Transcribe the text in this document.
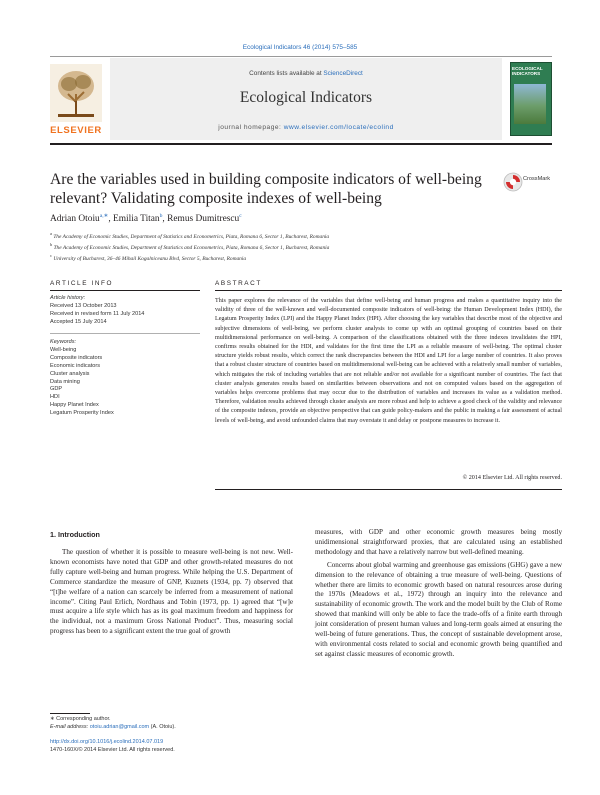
Ecological Indicators 46 (2014) 575–585
ELSEVIER
Contents lists available at ScienceDirect
Ecological Indicators
journal homepage: www.elsevier.com/locate/ecolind
ECOLOGICAL INDICATORS
Are the variables used in building composite indicators of well-being relevant? Validating composite indexes of well-being
CrossMark
Adrian Otoiu$^{a,∗}$, Emilia Titan$^b$, Remus Dumitrescu$^c$
$^a$ The Academy of Economic Studies, Department of Statistics and Econometrics, Piata, Romana 6, Sector 1, Bucharest, Romania
$^b$ The Academy of Economic Studies, Department of Statistics and Econometrics, Piata, Romana 6, Sector 1, Bucharest, Romania
$^c$ University of Bucharest, 36–46 Mihail Kogalniceanu Blvd, Sector 5, Bucharest, Romania
ARTICLE INFO	ABSTRACT
Article history:
Received 13 October 2013
Received in revised form 11 July 2014
Accepted 15 July 2014
Keywords:
Well-being
Composite indicators
Economic indicators
Cluster analysis
Data mining
GDP
HDI
Happy Planet Index
Legatum Prosperity Index
This paper explores the relevance of the variables that define well-being and human progress and makes a quantitative inquiry into the validity of three of the well-known and well-documented composite indicators of well-being: the Human Development Index (HDI), the Legatum Prosperity Index (LPI) and the Happy Planet Index (HPI). After choosing the key variables that describe most of the objective and subjective dimensions of well-being, we perform cluster analysis to come up with an optimal grouping of countries based on their multidimensional performance on well-being. A comparison of the classifications obtained with the three indexes invalidates the HPI, confirms results obtained for the HDI, and validates for the first time the LPI as a reliable measure of well-being. The optimal cluster structure yields robust results, which correct the rank discrepancies between the HDI and LPI for a large number of countries. It also proves that a robust cluster structure of countries based on multidimensional well-being can be achieved with a relatively small number of variables, which mitigates the risk of including variables that are not reliable and/or not available for a significant number of countries. The fact that cluster analysis generates results based on similarities between observations and not on computed values based on the aggregation of variables helps overcome problems that may occur due to the distribution of variables and increases its value as a validation method. Therefore, validation results achieved through cluster analysis are more robust and help to achieve a good check of the validity and relevance of the composite indexes, provide an objective perspective that can guide policy-makers and the public in making a fair assessment of actual levels of well-being, and avoid unfounded claims that may overstate it and delay or postpone measures to increase it.
© 2014 Elsevier Ltd. All rights reserved.
1. Introduction

The question of whether it is possible to measure well-being is not new. Well-known economists have noted that GDP and other growth-related measures do not fully capture well-being and human progress. While helping the U.S. Department of Commerce standardize the measure of GNP, Kuznets (1934, pp. 7) observed that “[t]he welfare of a nation can scarcely be inferred from a measurement of national income”. Citing Paul Erlich, Nordhaus and Tobin (1973, pp. 1) agreed that “[w]e must acquire a life style which has as its goal maximum freedom and happiness for the individual, not a maximum Gross National Product”. Thus, measuring social progress has been to a significant extent the true goal of growth

measures, with GDP and other economic growth measures being mostly unidimensional straightforward proxies, that are calculated using an established methodology and that have a relatively narrow but well-defined meaning.

Concerns about global warming and greenhouse gas emissions (GHG) gave a new dimension to the relevance of obtaining a true measure of well-being. Questions of whether there are limits to economic growth based on natural resources arose during the 1970s (Meadows et al., 1972) through an inquiry into the relevance and sustainability of economic growth. The work and the model built by the Club of Rome showed that mankind will only be able to face the trade-offs of a finite earth through joint consideration of present human values and long-term goals aimed at ensuring the well-being of future generations. Thus, the concept of sustainable development arose, with environmental costs related to social and economic growth being quantified and set against classic measures of economic growth.

∗ Corresponding author.
E-mail address: otoiu.adrian@gmail.com (A. Otoiu).
http://dx.doi.org/10.1016/j.ecolind.2014.07.019
1470-160X/© 2014 Elsevier Ltd. All rights reserved.
